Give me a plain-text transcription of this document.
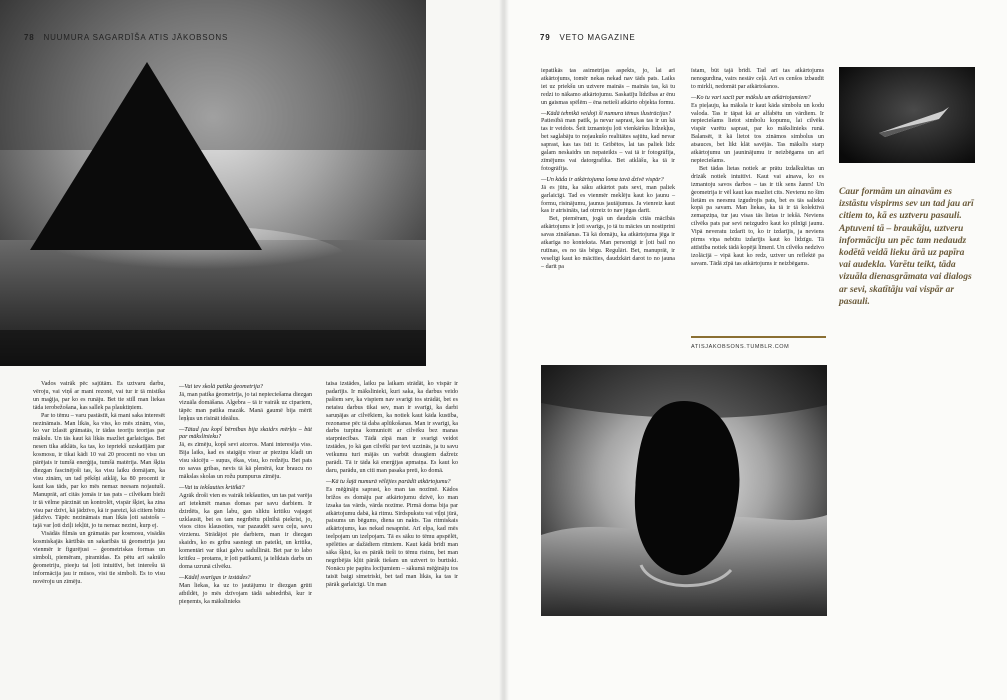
78 NUUMURA SAGARDĪŠA ATIS JĀKOBSONS	79 VETO MAGAZINE

Vados vairāk pēc sajūtām. Es uztvaru darbu, vēroju, vai viņš ar mani rezonē, vai tur ir tā mistika un maģija, par ko es runāju. Bet tie still man liekas tāda ierobežošana, kas sallek pa plauktiņiem.

Par to tēmu – varu pastāstīt, kā mani saka interesēt nezināmais. Man likās, ka viss, ko mēs zinām, viss, ko var izlasīt grāmatās, ir tādas teoriju teorijas par mākslu. Un tās kaut kā likās mazliet garlaicīgas. Bet nesen tika atklāts, ka tas, ko iepriekš uzskatījām par kosmosu, ir tikai kādi 10 vai 20 procenti no visu un pārējais ir tumšā enerģija, tumšā matērija. Man šķita diezgan fascinējoši tas, ka visu laiku domājam, ka visu zinām, un tad pēkšņi atklāj, ka 80 procenti ir kaut kas tāds, par ko mēs nemaz neesam nojautuši. Manuprāt, arī citās jomās ir tas pats – cilvēkam bieži ir tā vēlme pārzināt un kontrolēt, vispār šķiet, ka zina visu par dzīvi, kā jādzīvo, kā ir pareizi, kā citiem būtu jādzīvo. Tāpēc nezināmais man likās ļoti saistošs – tajā var ļoti dziļi iekļūt, jo tu nemaz nezini, kurp ej.

Visādās filmās un grāmatās par kosmosu, visādās kosmiskajās kārtībās un sakarībās tā ģeometrija jau vienmēr ir figurējusi – ģeometriskas formas un simboli, piemēram, piramīdas. Es pētu arī sakrālo ģeometriju, pieeju tai ļoti intuitīvi, bet interešu tā informācija jau ir mūsos, visi tie simboli. Es to visu novēroju un zīmēju.

—Vai tev skolā patika ģeometrija?

Jā, man patika ģeometrija, jo tai nepieciešama diezgan vizuāla domāšana. Algebra – tā ir vairāk uz cipariem, tāpēc man patika mazāk. Manā gaumē bija mērīt leņķus un risināt ideālus.

—Tātad jau kopš bērnības bija skaidrs mērķis – būt par mākslinieku?

Jā, es zīmēju, kopš sevi atceros. Mani interesēja viss. Bija laiks, kad es staigāju visur ar pieziņu kladi un visu skicēju – suņus, ēkas, visu, ko redzēju. Bet pats no savas gribas, nevis tā kā plenērā, kur braucu no mākslas skolas un rožu pumpurus zīmēju.

—Vai tu iekšauties kritikā?

Agrāk droši vien es vairāk iekšauties, un tas pat varēja arī ietekmēt manas domas par savu darbiem. Ir dzirdēts, ka gan labu, gan sliktu kritiku vajagot uzklausīt, bet es tam negribētu pilnībā piekrist, jo, visos citos klausoties, var pazaudēt savu ceļu, savu virzienu. Strādājot pie darbiem, man ir diezgan skaidrs, ko es gribu sasniegt un pateikt, un kritika, komentāri var tikai galvu sadullināt. Bet par to labo kritiku – protams, ir ļoti patīkami, ja ieliktais darbs un doma uzrunā cilvēku.

—Kādēļ svarīgas ir izstādes?

Man liekas, ka uz to jautājumu ir diezgan grūti atbildēt, jo mēs dzīvojam tādā sabiedrībā, kur ir pieņemts, ka mākslinieks

taisa izstādes, laiku pa laikam strādāt, ko vispār ir padarījis. Ir mākslinieki, kuri saka, ka darbus veido pašiem sev, ka vispiem nav svarīgi tos strādāt, bet es netaisu darbus tikai sev, man ir svarīgi, ka darbi saruņājas ar cilvēkiem, ka notiek kaut kāda kustība, rezonanse pēc tā daba aplūkošanas. Man ir svarīgi, ka darbs turpina komunicēt ar cilvēku bez manas starpniecības. Tādā zīpā man ir svarīgi veidot izstādes, jo kā gan cilvēki par tevi uzzinās, ja tu savu veikumu turi mājās un varbūt draugiem dažreiz parādi. Tā ir tāda kā enerģijas apmaiņa. Es kaut ko daru, parādu, un citi man pasaka preti, ko domā.

—Kā tu šajā numurā vēlējies parādīt atkārtojumu?

Es mēģināju saprast, ko man tas nozīmē. Kādos brīžos es domāju par atkārtojumu dzīvē, ko man izsaka tas vārds, vārda nozīme. Pirmā doma bija par atkārtojumu dabā, kā ritmu. Sirdspukstu vai viļņi jūrā, paisums un bēgums, diena un nakts. Tas ritmiskais atkārtojums, kas nekad nesapnīst. Arī elpa, kad mēs ieelpojam un izelpojam. Tā es sāku to tēmu apspēlēt, spēlēties ar dažādiem ritmiem. Kaut kādā brīdī man sāka šķist, ka es pārāk tieši to tēmu risinu, bet man negribējās kļūt pārāk tiešam un uztvert to burtiski. Nonācu pie papīra locījumiem – sākumā mēģināju tos taisīt baigi simetriski, bet tad man likās, ka tas ir pārāk garlaicīgi. Un man

iepatikās tas asimetrijas aspekts, jo, lai arī atkārtojums, tomēr nekas nekad nav tāds pats. Laiks iet uz priekšu un uztvere mainās – mainās tas, kā tu redzi to nākamo atkārtojumu. Saskatīju līdzības ar ēnu un gaismas spēlēm – ēna netieši atkārto objekta formu.

—Kādā tehnikā veidoji šī numura tēmas ilustrācijas?

Patiesībā man patīk, ja nevar saprast, kas tas ir un kā tas ir veidots. Šeit izmantoju ļoti vienkāršus līdzekļus, bet saglabāju to nojaukušo realitātes sajūtu, kad nevar saprast, kas tas īsti ir. Gribētos, lai tas paliek līdz galam neskaidrs un nepateikts – vai tā ir fotogrāfija, zīmējums vai datorgrafika. Bet atklāšu, ka tā ir fotogrāfija.

—Un kāda ir atkārtojuma loma tavā dzīvē vispār?

Jā es jūtu, ka sāku atkārtot pats sevi, man paliek garlaicīgi. Tad es vienmēr meklēju kaut ko jaunu – formu, risinājumu, jaunus jautājumus. Ja vienreiz kaut kas ir atrisināts, tad otrreiz to nav jēgas darīt.

Bet, piemēram, jogā un daudzās citās mācībās atkārtojums ir ļoti svarīgs, jo tā tu mācies un nostiprini savas zināšanas. Tā kā domāju, ka atkārtojuma jēga ir atkarīga no konteksta. Man personīgi ir ļoti bail no rutīnas, es no tās bēgu. Regulāri. Bet, manuprāt, ir veselīgi kaut ko mācīties, daudzkārt darot to no jauna – darīt pa

īstam, būt tajā brīdī. Tad arī tas atkārtojums nenogurdina, vairs nestāv ceļā. Arī es cenšos izbaudīt to mirkli, nedomāt par atkārtošanos.

—Ko tu vari sacīt par mākslu un atkārtojumiem?

Es pieļauju, ka māksla ir kaut kāda simbolu un kodu valoda. Tas ir tāpat kā ar alfabētu un vārdiem. Ir nepieciešams lietot simbolu kopumu, lai cilvēks vispār varētu saprast, par ko mākslinieks runā. Balansēt, it kā lietot tos zināmos simbolus un atsauces, bet likt klāt savējās. Tas mākslīs starp atkārtojumu un jauninājumu ir neizbēgams un arī nepieciešams.

Bet tādas lietas notiek ar prātu izdalkulētas un drīzāk notiek intuitīvi. Kaut vai ainava, ko es izmantoju savos darbos – tas ir tik sens žanrs! Un ģeometrija ir vēl kaut kas mazliet cits. Nevienu no šīm lietām es neesmu izgudrojis pats, bet es tās salieku kopā pa savam. Man liekas, ka tā ir tā kolektīvā zemapziņa, tur jau visas tās lietas ir iekšā. Neviens cilvēks pats par sevi neizgudro kaut ko pilnīgi jaunu. Vipā neveratu izdarīt to, ko ir izdarījis, ja neviens pirms viņa nebūtu izdarījis kaut ko līdzīgu. Tā attīstība notiek tādā kopējā līmenī. Un cilvēks nedzīvo izolācijā – vipā kaut ko redz, uztver un reflektē pa savam. Tādā zīpā tas atkārtojums ir neizbēgams.

ATISJAKOBSONS.TUMBLR.COM
Caur formām un ainavām es izstāstu vispirms sev un tad jau arī citiem to, kā es uztveru pasauli. Aptuveni tā – braukāju, uztveru informāciju un pēc tam nedaudz kodētā veidā lieku ārā uz papīra vai audekla. Varētu teikt, tāda vizuāla dienasgrāmata vai dialogs ar sevi, skatītāju vai vispār ar pasauli.
